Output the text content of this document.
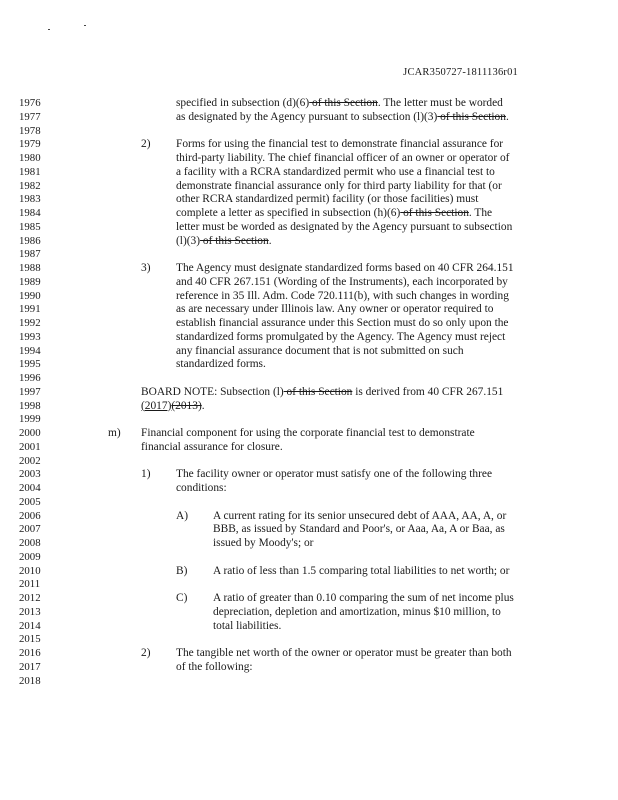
JCAR350727-1811136r01
1976	specified in subsection (d)(6) of this Section. The letter must be worded
1977	as designated by the Agency pursuant to subsection (l)(3) of this Section.
1978
1979	2) Forms for using the financial test to demonstrate financial assurance for
1980	third-party liability. The chief financial officer of an owner or operator of
1981	a facility with a RCRA standardized permit who use a financial test to
1982	demonstrate financial assurance only for third party liability for that (or
1983	other RCRA standardized permit) facility (or those facilities) must
1984	complete a letter as specified in subsection (h)(6) of this Section. The
1985	letter must be worded as designated by the Agency pursuant to subsection
1986	(l)(3) of this Section.
1987
1988	3) The Agency must designate standardized forms based on 40 CFR 264.151
1989	and 40 CFR 267.151 (Wording of the Instruments), each incorporated by
1990	reference in 35 Ill. Adm. Code 720.111(b), with such changes in wording
1991	as are necessary under Illinois law. Any owner or operator required to
1992	establish financial assurance under this Section must do so only upon the
1993	standardized forms promulgated by the Agency. The Agency must reject
1994	any financial assurance document that is not submitted on such
1995	standardized forms.
1996
1997	BOARD NOTE: Subsection (l) of this Section is derived from 40 CFR 267.151
1998	(2017)(2013).
1999
2000	m) Financial component for using the corporate financial test to demonstrate
2001	financial assurance for closure.
2002
2003	1) The facility owner or operator must satisfy one of the following three
2004	conditions:
2005
2006	A) A current rating for its senior unsecured debt of AAA, AA, A, or
2007	BBB, as issued by Standard and Poor's, or Aaa, Aa, A or Baa, as
2008	issued by Moody's; or
2009
2010	B) A ratio of less than 1.5 comparing total liabilities to net worth; or
2011
2012	C) A ratio of greater than 0.10 comparing the sum of net income plus
2013	depreciation, depletion and amortization, minus $10 million, to
2014	total liabilities.
2015
2016	2) The tangible net worth of the owner or operator must be greater than both
2017	of the following:
2018
